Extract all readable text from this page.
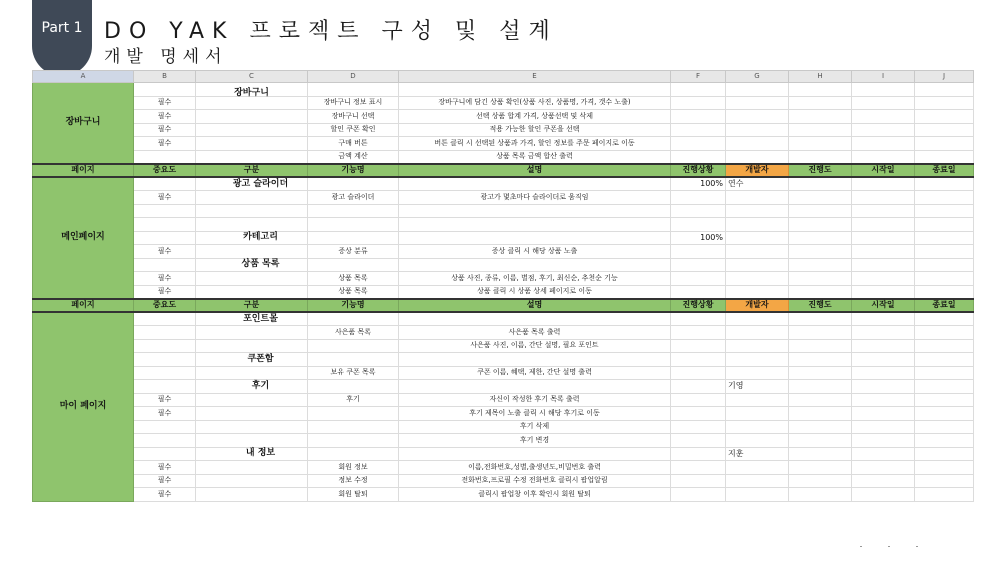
Part 1 DO YAK 프로젝트 구성 및 설계
개발 명세서
A	B	C	D	E	F	G	H	I	J
장바구니		장바구니							
	필수		장바구니 정보 표시	장바구니에 담긴 상품 확인(상품 사진, 상품명, 가격, 갯수 노출)					
	필수		장바구니 선택	선택 상품 합계 가격, 상품선택 및 삭제					
	필수		할인 쿠폰 확인	적용 가능한 할인 쿠폰을 선택					
	필수		구매 버튼	버튼 클릭 시 선택된 상품과 가격, 할인 정보를 주문 페이지로 이동					
			금액 계산	상품 목록 금액 합산 출력					
페이지	중요도	구분	기능명	설명	진행상황	개발자	진행도	시작일	종료일
메인페이지		광고 슬라이더			100%	연수			
	필수		광고 슬라이더	광고가 몇초마다 슬라이더로 움직임					

		카테고리			100%				
	필수		증상 분류	증상 클릭 시 해당 상품 노출					
		상품 목록							
	필수		상품 목록	상품 사진, 종류, 이름, 별점, 후기, 최신순, 추천순 기능					
	필수		상품 목록	상품 클릭 시 상품 상세 페이지로 이동					
페이지	중요도	구분	기능명	설명	진행상황	개발자	진행도	시작일	종료일
마이 페이지		포인트몰							
			사은품 목록	사은품 목록 출력					
				사은품 사진, 이름, 간단 설명, 필요 포인트					
		쿠폰함							
			보유 쿠폰 목록	쿠폰 이름, 혜택, 제한, 간단 설명 출력					
		후기				기영			
	필수		후기	자신이 작성한 후기 목록 출력					
	필수			후기 제목이 노출 클릭 시 해당 후기로 이동					
				후기 삭제					
				후기 변경					
		내 정보				지훈			
	필수		회원 정보	이름,전화번호,성별,출생년도,비밀번호 출력					
	필수		정보 수정	전화번호,프로필 수정 전화번호 클릭시 팝업알림					
	필수		회원 탈퇴	클릭시 팝업창 이후 확인시 회원 탈퇴					
